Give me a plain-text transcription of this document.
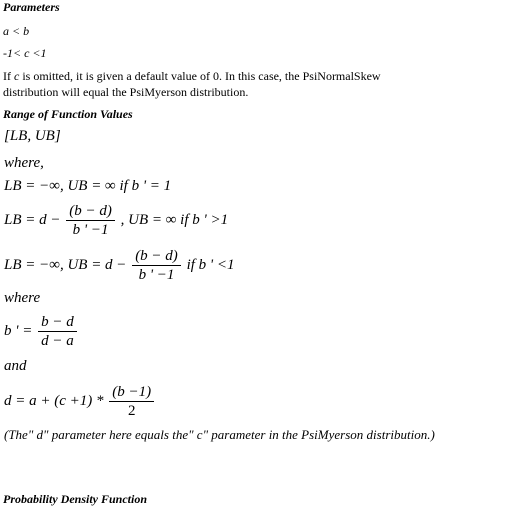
Parameters
a < b
-1< c <1
If c is omitted, it is given a default value of 0. In this case, the PsiNormalSkew
distribution will equal the PsiMyerson distribution.
Range of Function Values
[LB, UB]
where,
LB = −∞, UB = ∞ if b ' = 1
LB = $d - \frac{(b - d)}{b ' -1}$ , UB = ∞ if b ' >1
LB = −∞, UB = $d - \frac{(b - d)}{b ' -1}$ if b ' <1
where
b ' = $\frac{b - d}{d - a}$
and
$d = a + (c +1) * \frac{(b -1)}{2}$
(The" d" parameter here equals the" c" parameter in the PsiMyerson distribution.)
Probability Density Function
